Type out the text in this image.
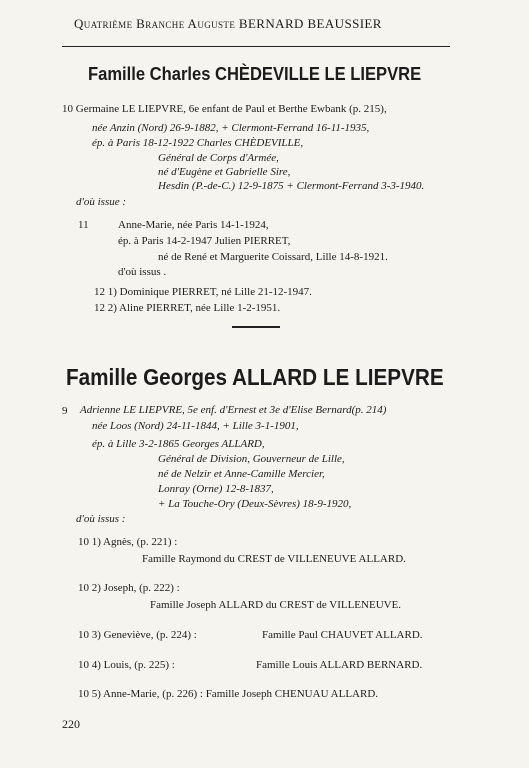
Quatrième Branche Auguste BERNARD BEAUSSIER
Famille Charles CHÈDEVILLE LE LIEPVRE
10 Germaine LE LIEPVRE, 6e enfant de Paul et Berthe Ewbank (p. 215),
née Anzin (Nord) 26-9-1882, + Clermont-Ferrand 16-11-1935,
ép. à Paris 18-12-1922 Charles CHÈDEVILLE,
Général de Corps d'Armée,
né d'Eugène et Gabrielle Sire,
Hesdin (P.-de-C.) 12-9-1875 + Clermont-Ferrand 3-3-1940.
d'où issue :
11	Anne-Marie, née Paris 14-1-1924,
ép. à Paris 14-2-1947 Julien PIERRET,
né de René et Marguerite Coissard, Lille 14-8-1921.
d'où issus .
12 1) Dominique PIERRET, né Lille 21-12-1947.
12 2) Aline PIERRET, née Lille 1-2-1951.
Famille Georges ALLARD LE LIEPVRE
9 Adrienne LE LIEPVRE, 5e enf. d'Ernest et 3e d'Elise Bernard(p. 214)
née Loos (Nord) 24-11-1844, + Lille 3-1-1901,
ép. à Lille 3-2-1865 Georges ALLARD,
Général de Division, Gouverneur de Lille,
né de Nelzir et Anne-Camille Mercier,
Lonray (Orne) 12-8-1837,
+ La Touche-Ory (Deux-Sèvres) 18-9-1920,
d'où issus :
10 1) Agnès, (p. 221) :
Famille Raymond du CREST de VILLENEUVE ALLARD.
10 2) Joseph, (p. 222) :
Famille Joseph ALLARD du CREST de VILLENEUVE.
10 3) Geneviève, (p. 224) :	Famille Paul CHAUVET ALLARD.
10 4) Louis, (p. 225) :	Famille Louis ALLARD BERNARD.
10 5) Anne-Marie, (p. 226) : Famille Joseph CHENUAU ALLARD.
220
